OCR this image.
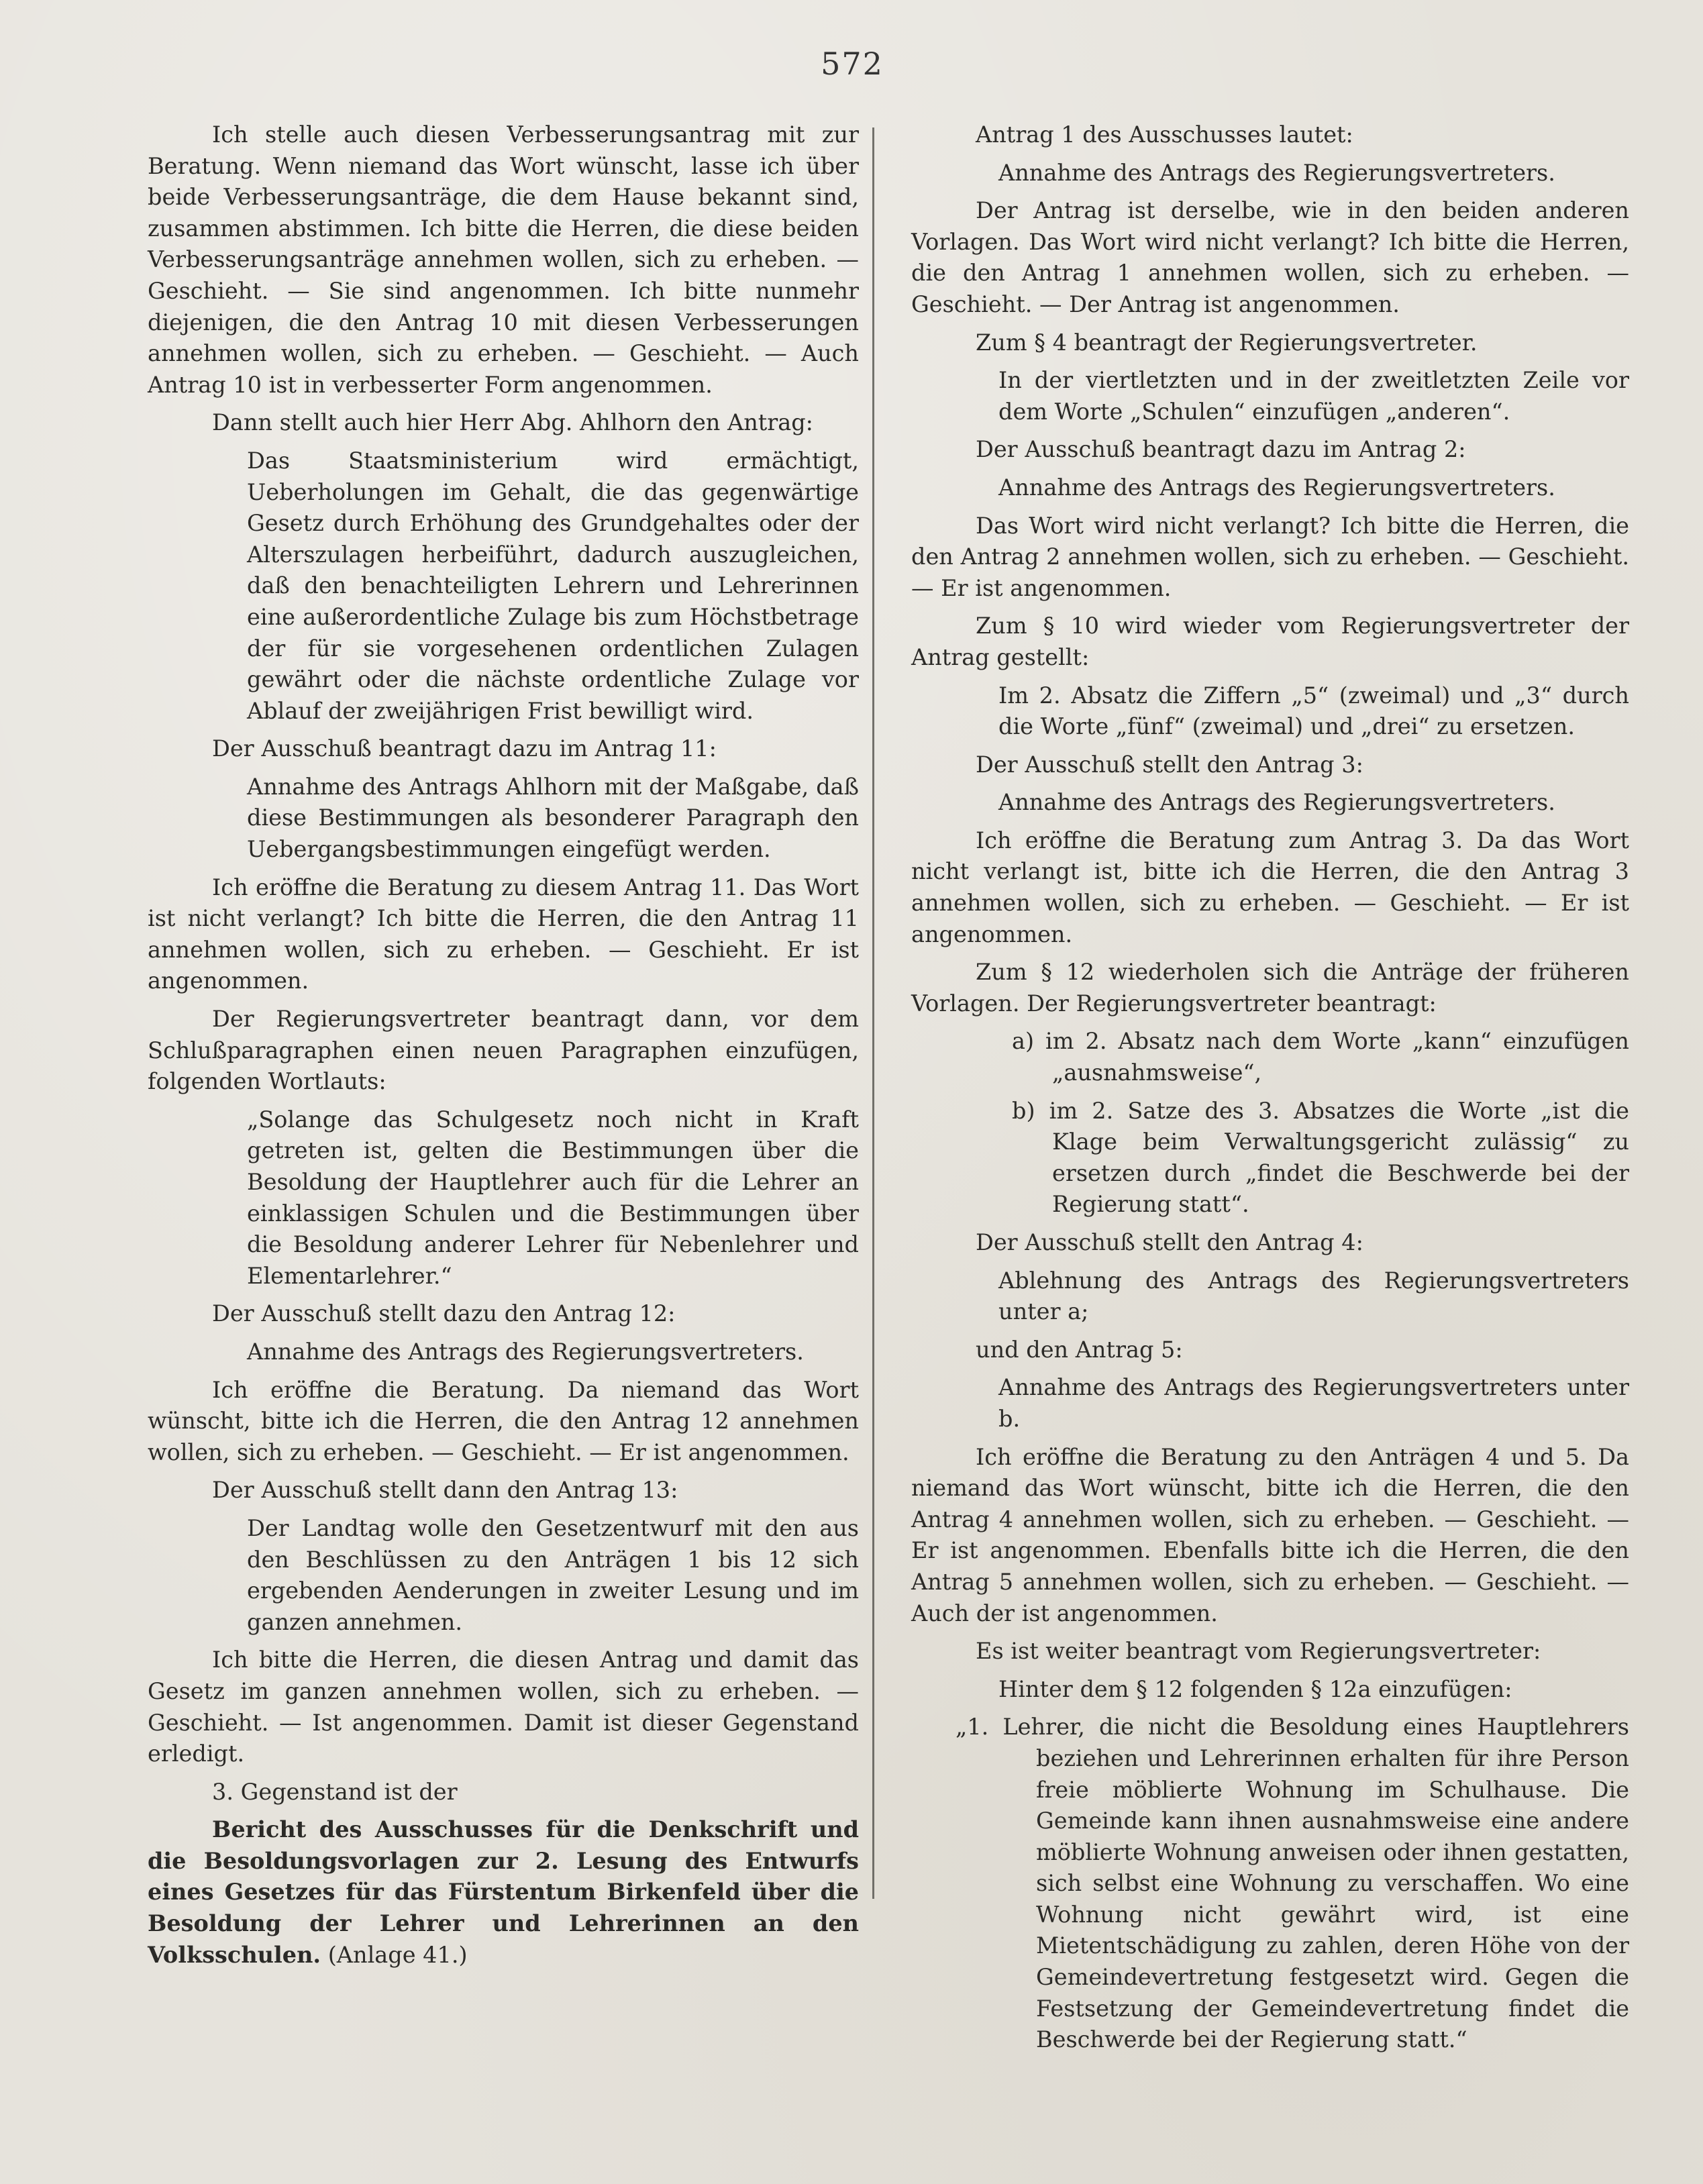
572

Ich stelle auch diesen Verbesserungsantrag mit zur Beratung. Wenn niemand das Wort wünscht, lasse ich über beide Verbesserungsanträge, die dem Hause bekannt sind, zusammen abstimmen. Ich bitte die Herren, die diese beiden Verbesserungsanträge annehmen wollen, sich zu erheben. — Geschieht. — Sie sind angenommen. Ich bitte nunmehr diejenigen, die den Antrag 10 mit diesen Verbesserungen annehmen wollen, sich zu erheben. — Geschieht. — Auch Antrag 10 ist in verbesserter Form angenommen.

Dann stellt auch hier Herr Abg. Ahlhorn den Antrag:

Das Staatsministerium wird ermächtigt, Ueberholungen im Gehalt, die das gegenwärtige Gesetz durch Erhöhung des Grundgehaltes oder der Alterszulagen herbeiführt, dadurch auszugleichen, daß den benachteiligten Lehrern und Lehrerinnen eine außerordentliche Zulage bis zum Höchstbetrage der für sie vorgesehenen ordentlichen Zulagen gewährt oder die nächste ordentliche Zulage vor Ablauf der zweijährigen Frist bewilligt wird.

Der Ausschuß beantragt dazu im Antrag 11:

Annahme des Antrags Ahlhorn mit der Maßgabe, daß diese Bestimmungen als besonderer Paragraph den Uebergangsbestimmungen eingefügt werden.

Ich eröffne die Beratung zu diesem Antrag 11. Das Wort ist nicht verlangt? Ich bitte die Herren, die den Antrag 11 annehmen wollen, sich zu erheben. — Geschieht. Er ist angenommen.

Der Regierungsvertreter beantragt dann, vor dem Schlußparagraphen einen neuen Paragraphen einzufügen, folgenden Wortlauts:

„Solange das Schulgesetz noch nicht in Kraft getreten ist, gelten die Bestimmungen über die Besoldung der Hauptlehrer auch für die Lehrer an einklassigen Schulen und die Bestimmungen über die Besoldung anderer Lehrer für Nebenlehrer und Elementarlehrer.“

Der Ausschuß stellt dazu den Antrag 12:

Annahme des Antrags des Regierungsvertreters.

Ich eröffne die Beratung. Da niemand das Wort wünscht, bitte ich die Herren, die den Antrag 12 annehmen wollen, sich zu erheben. — Geschieht. — Er ist angenommen.

Der Ausschuß stellt dann den Antrag 13:

Der Landtag wolle den Gesetzentwurf mit den aus den Beschlüssen zu den Anträgen 1 bis 12 sich ergebenden Aenderungen in zweiter Lesung und im ganzen annehmen.

Ich bitte die Herren, die diesen Antrag und damit das Gesetz im ganzen annehmen wollen, sich zu erheben. — Geschieht. — Ist angenommen. Damit ist dieser Gegenstand erledigt.

3. Gegenstand ist der

Bericht des Ausschusses für die Denkschrift und die Besoldungsvorlagen zur 2. Lesung des Entwurfs eines Gesetzes für das Fürstentum Birkenfeld über die Besoldung der Lehrer und Lehrerinnen an den Volksschulen. (Anlage 41.)

Antrag 1 des Ausschusses lautet:

Annahme des Antrags des Regierungsvertreters.

Der Antrag ist derselbe, wie in den beiden anderen Vorlagen. Das Wort wird nicht verlangt? Ich bitte die Herren, die den Antrag 1 annehmen wollen, sich zu erheben. — Geschieht. — Der Antrag ist angenommen.

Zum § 4 beantragt der Regierungsvertreter.

In der viertletzten und in der zweitletzten Zeile vor dem Worte „Schulen“ einzufügen „anderen“.

Der Ausschuß beantragt dazu im Antrag 2:

Annahme des Antrags des Regierungsvertreters.

Das Wort wird nicht verlangt? Ich bitte die Herren, die den Antrag 2 annehmen wollen, sich zu erheben. — Geschieht. — Er ist angenommen.

Zum § 10 wird wieder vom Regierungsvertreter der Antrag gestellt:

Im 2. Absatz die Ziffern „5“ (zweimal) und „3“ durch die Worte „fünf“ (zweimal) und „drei“ zu ersetzen.

Der Ausschuß stellt den Antrag 3:

Annahme des Antrags des Regierungsvertreters.

Ich eröffne die Beratung zum Antrag 3. Da das Wort nicht verlangt ist, bitte ich die Herren, die den Antrag 3 annehmen wollen, sich zu erheben. — Geschieht. — Er ist angenommen.

Zum § 12 wiederholen sich die Anträge der früheren Vorlagen. Der Regierungsvertreter beantragt:

a) im 2. Absatz nach dem Worte „kann“ einzufügen „ausnahmsweise“,

b) im 2. Satze des 3. Absatzes die Worte „ist die Klage beim Verwaltungsgericht zulässig“ zu ersetzen durch „findet die Beschwerde bei der Regierung statt“.

Der Ausschuß stellt den Antrag 4:

Ablehnung des Antrags des Regierungsvertreters unter a;

und den Antrag 5:

Annahme des Antrags des Regierungsvertreters unter b.

Ich eröffne die Beratung zu den Anträgen 4 und 5. Da niemand das Wort wünscht, bitte ich die Herren, die den Antrag 4 annehmen wollen, sich zu erheben. — Geschieht. — Er ist angenommen. Ebenfalls bitte ich die Herren, die den Antrag 5 annehmen wollen, sich zu erheben. — Geschieht. — Auch der ist angenommen.

Es ist weiter beantragt vom Regierungsvertreter:

Hinter dem § 12 folgenden § 12a einzufügen:

„1. Lehrer, die nicht die Besoldung eines Hauptlehrers beziehen und Lehrerinnen erhalten für ihre Person freie möblierte Wohnung im Schulhause. Die Gemeinde kann ihnen ausnahmsweise eine andere möblierte Wohnung anweisen oder ihnen gestatten, sich selbst eine Wohnung zu verschaffen. Wo eine Wohnung nicht gewährt wird, ist eine Mietentschädigung zu zahlen, deren Höhe von der Gemeindevertretung festgesetzt wird. Gegen die Festsetzung der Gemeindevertretung findet die Beschwerde bei der Regierung statt.“
